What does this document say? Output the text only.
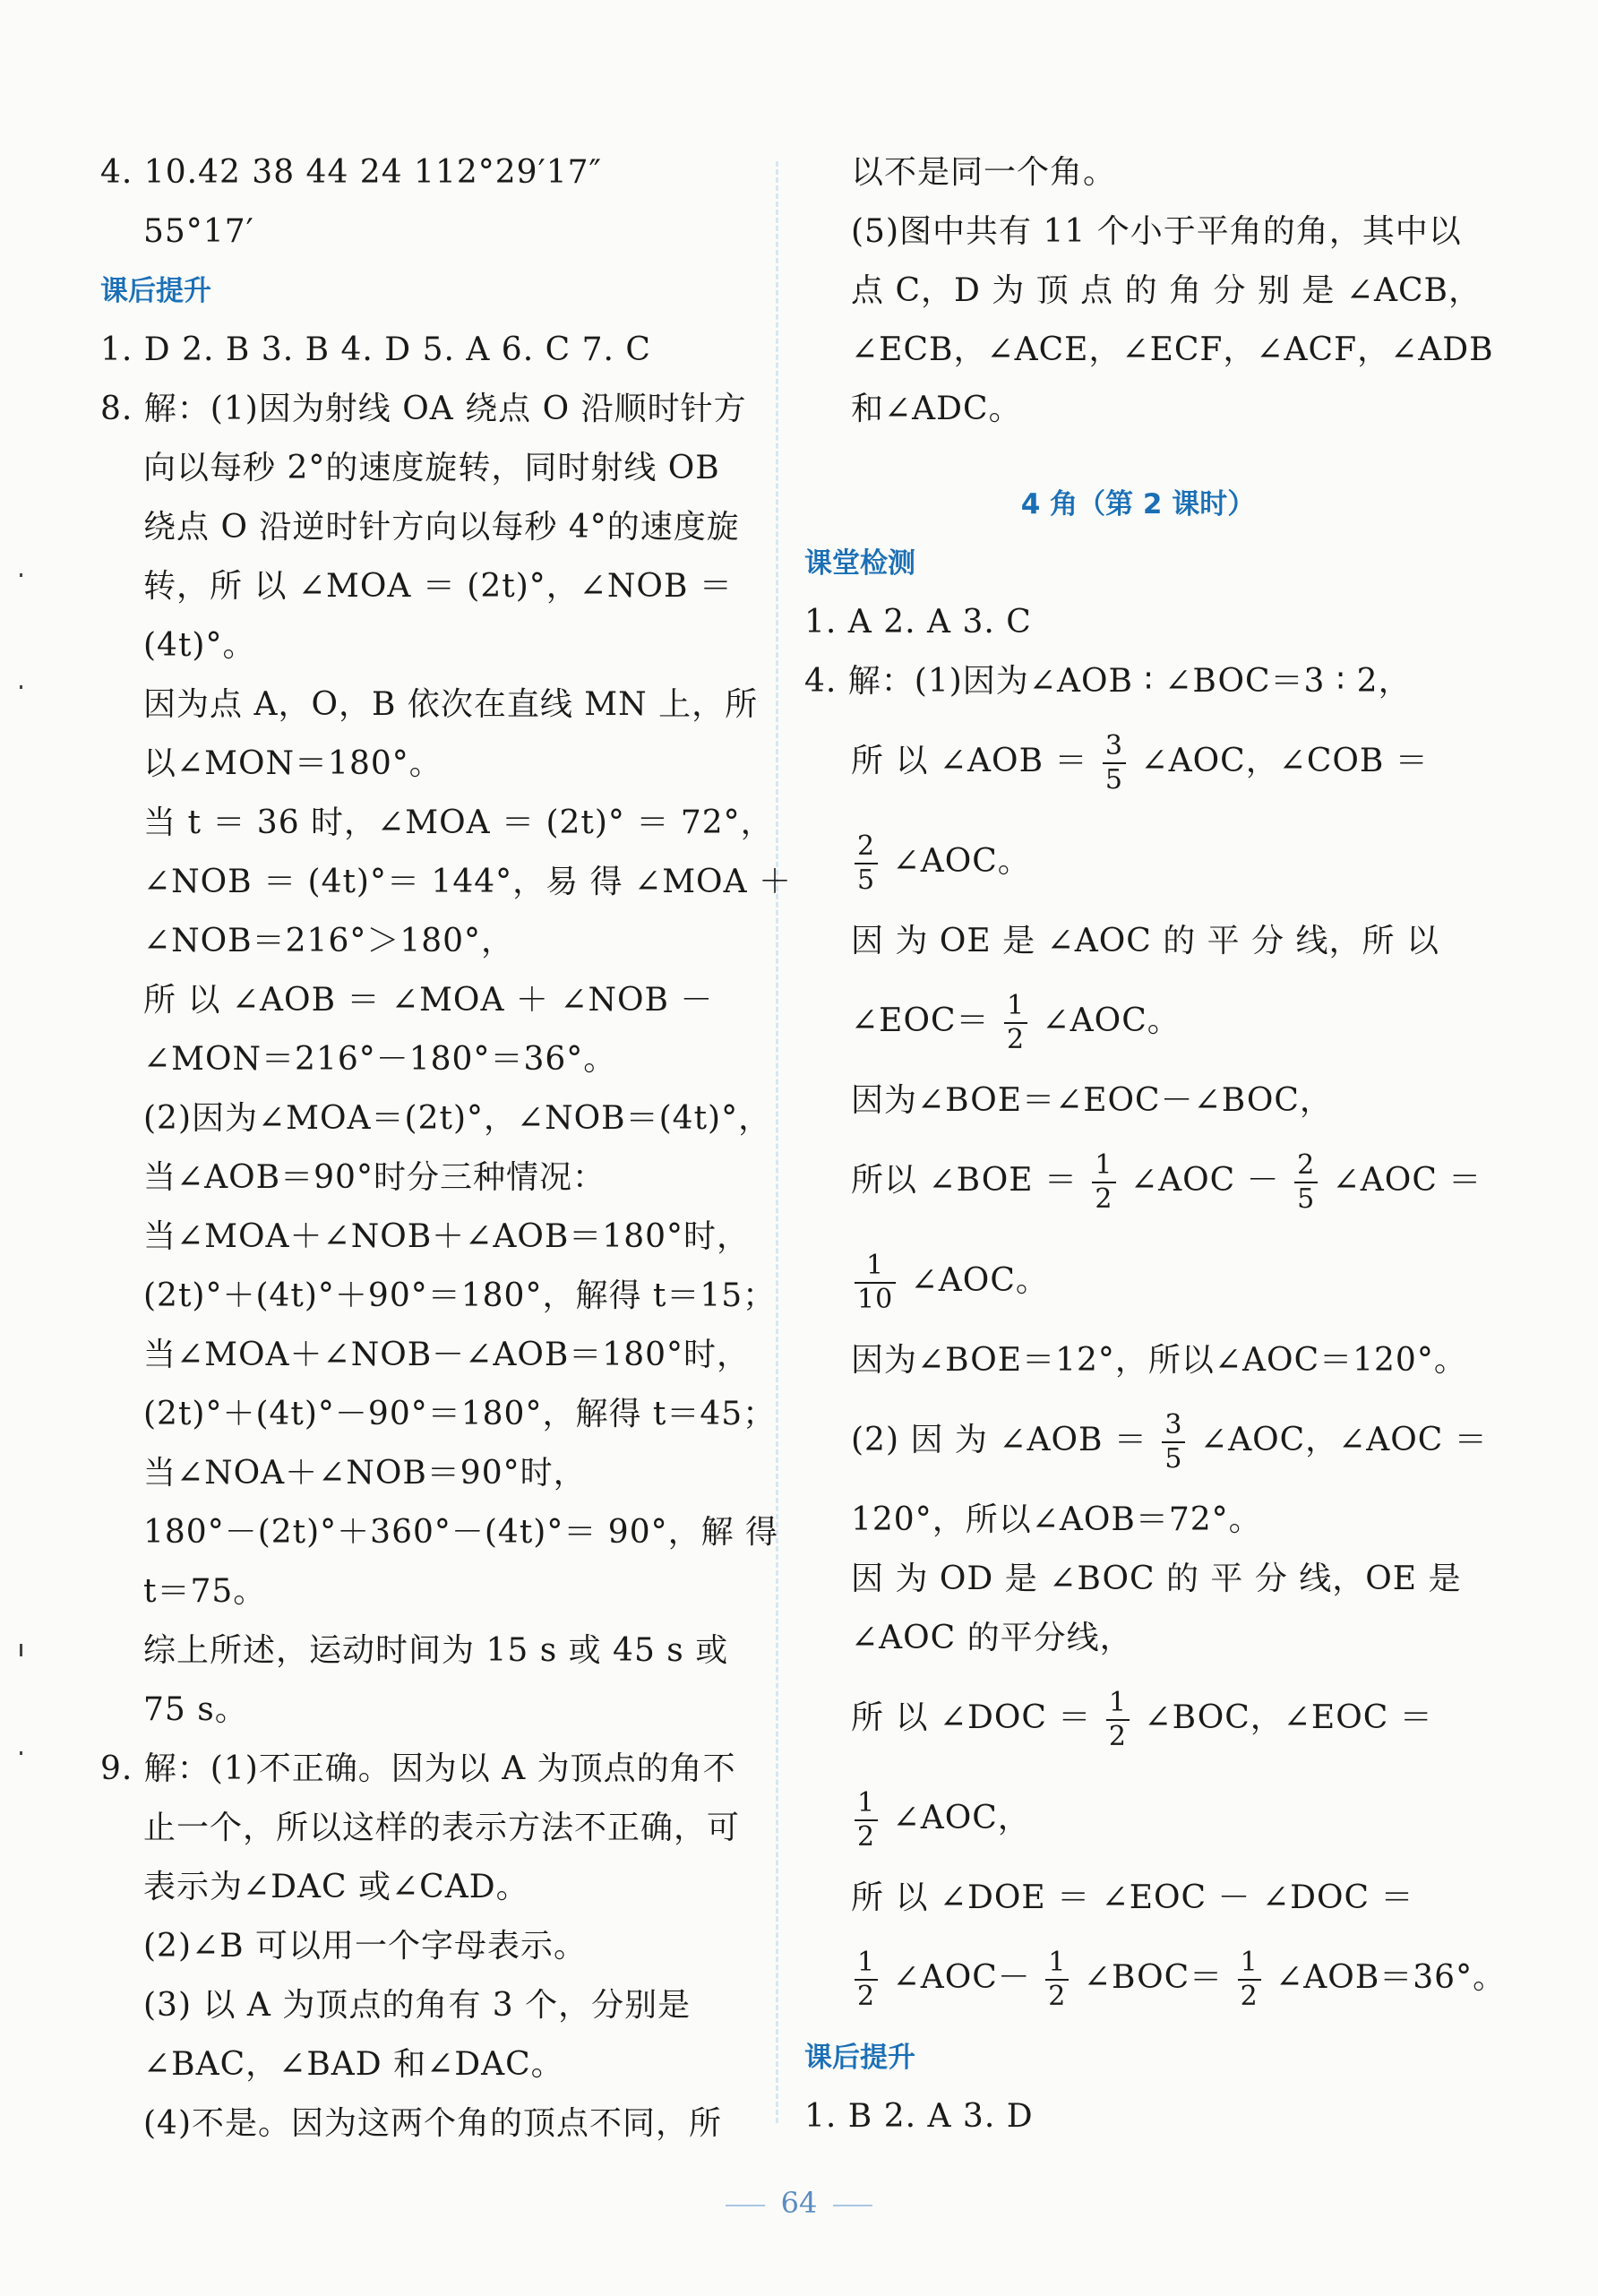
4. 10.42 38 44 24 112°29′17″
55°17′
课后提升
1. D 2. B 3. B 4. D 5. A 6. C 7. C
8. 解：(1)因为射线 OA 绕点 O 沿顺时针方
向以每秒 2°的速度旋转，同时射线 OB
绕点 O 沿逆时针方向以每秒 4°的速度旋
转，所 以 ∠MOA ＝ (2t)°，∠NOB ＝
(4t)°。
因为点 A，O，B 依次在直线 MN 上，所
以∠MON＝180°。
当 t ＝ 36 时，∠MOA ＝ (2t)° ＝ 72°，
∠NOB ＝ (4t)°＝ 144°，易 得 ∠MOA ＋
∠NOB＝216°＞180°，
所 以 ∠AOB ＝ ∠MOA ＋ ∠NOB －
∠MON＝216°－180°＝36°。
(2)因为∠MOA＝(2t)°，∠NOB＝(4t)°，
当∠AOB＝90°时分三种情况：
当∠MOA＋∠NOB＋∠AOB＝180°时，
(2t)°＋(4t)°＋90°＝180°，解得 t＝15；
当∠MOA＋∠NOB－∠AOB＝180°时，
(2t)°＋(4t)°－90°＝180°，解得 t＝45；
当∠NOA＋∠NOB＝90°时，
180°－(2t)°＋360°－(4t)°＝ 90°，解 得
t＝75。
综上所述，运动时间为 15 s 或 45 s 或
75 s。
9. 解：(1)不正确。因为以 A 为顶点的角不
止一个，所以这样的表示方法不正确，可
表示为∠DAC 或∠CAD。
(2)∠B 可以用一个字母表示。
(3) 以 A 为顶点的角有 3 个，分别是
∠BAC，∠BAD 和∠DAC。
(4)不是。因为这两个角的顶点不同，所
以不是同一个角。
(5)图中共有 11 个小于平角的角，其中以
点 C，D 为 顶 点 的 角 分 别 是 ∠ACB，
∠ECB，∠ACE，∠ECF，∠ACF，∠ADB
和∠ADC。
4 角（第 2 课时）
课堂检测
1. A 2. A 3. C
4. 解：(1)因为∠AOB ∶ ∠BOC＝3 ∶ 2，
所 以 ∠AOB ＝ $\frac{3}{5}$ ∠AOC，∠COB ＝
$\frac{2}{5}$ ∠AOC。
因 为 OE 是 ∠AOC 的 平 分 线，所 以
∠EOC＝ $\frac{1}{2}$ ∠AOC。
因为∠BOE＝∠EOC－∠BOC，
所以 ∠BOE ＝ $\frac{1}{2}$ ∠AOC － $\frac{2}{5}$ ∠AOC ＝
$\frac{1}{10}$ ∠AOC。
因为∠BOE＝12°，所以∠AOC＝120°。
(2) 因 为 ∠AOB ＝ $\frac{3}{5}$ ∠AOC，∠AOC ＝
120°，所以∠AOB＝72°。
因 为 OD 是 ∠BOC 的 平 分 线，OE 是
∠AOC 的平分线，
所 以 ∠DOC ＝ $\frac{1}{2}$ ∠BOC，∠EOC ＝
$\frac{1}{2}$ ∠AOC，
所 以 ∠DOE ＝ ∠EOC － ∠DOC ＝
$\frac{1}{2}$ ∠AOC－ $\frac{1}{2}$ ∠BOC＝ $\frac{1}{2}$ ∠AOB＝36°。
课后提升
1. B 2. A 3. D
64
